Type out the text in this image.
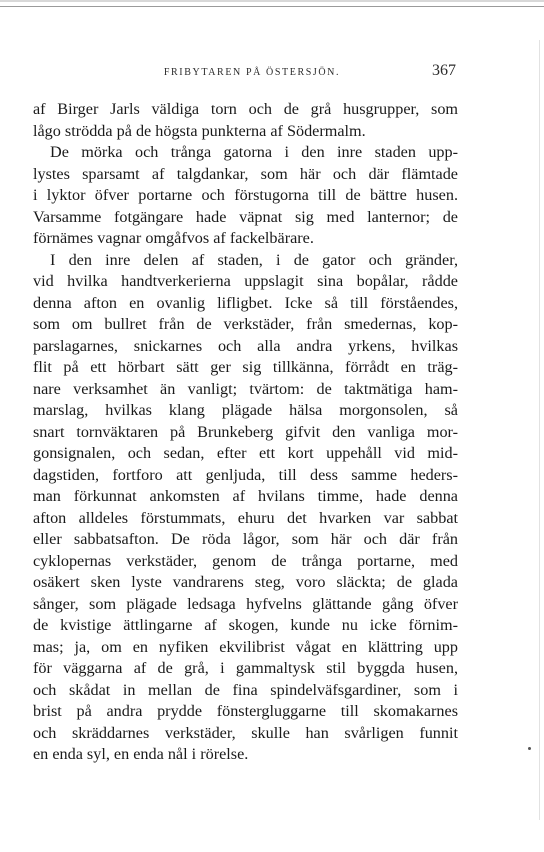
FRIBYTAREN PÅ ÖSTERSJÖN.	367
af Birger Jarls väldiga torn och de grå husgrupper, som
lågo strödda på de högsta punkterna af Södermalm.
De mörka och trånga gatorna i den inre staden upp-
lystes sparsamt af talgdankar, som här och där flämtade
i lyktor öfver portarne och förstugorna till de bättre husen.
Varsamme fotgängare hade väpnat sig med lanternor; de
förnämes vagnar omgåfvos af fackelbärare.
I den inre delen af staden, i de gator och gränder,
vid hvilka handtverkerierna uppslagit sina bopålar, rådde
denna afton en ovanlig lifligbet. Icke så till förståendes,
som om bullret från de verkstäder, från smedernas, kop-
parslagarnes, snickarnes och alla andra yrkens, hvilkas
flit på ett hörbart sätt ger sig tillkänna, förrådt en träg-
nare verksamhet än vanligt; tvärtom: de taktmätiga ham-
marslag, hvilkas klang plägade hälsa morgonsolen, så
snart tornväktaren på Brunkeberg gifvit den vanliga mor-
gonsignalen, och sedan, efter ett kort uppehåll vid mid-
dagstiden, fortforo att genljuda, till dess samme heders-
man förkunnat ankomsten af hvilans timme, hade denna
afton alldeles förstummats, ehuru det hvarken var sabbat
eller sabbatsafton. De röda lågor, som här och där från
cyklopernas verkstäder, genom de trånga portarne, med
osäkert sken lyste vandrarens steg, voro släckta; de glada
sånger, som plägade ledsaga hyfvelns glättande gång öfver
de kvistige ättlingarne af skogen, kunde nu icke förnim-
mas; ja, om en nyfiken ekvilibrist vågat en klättring upp
för väggarna af de grå, i gammaltysk stil byggda husen,
och skådat in mellan de fina spindelväfsgardiner, som i
brist på andra prydde fönstergluggarne till skomakarnes
och skräddarnes verkstäder, skulle han svårligen funnit
en enda syl, en enda nål i rörelse.
